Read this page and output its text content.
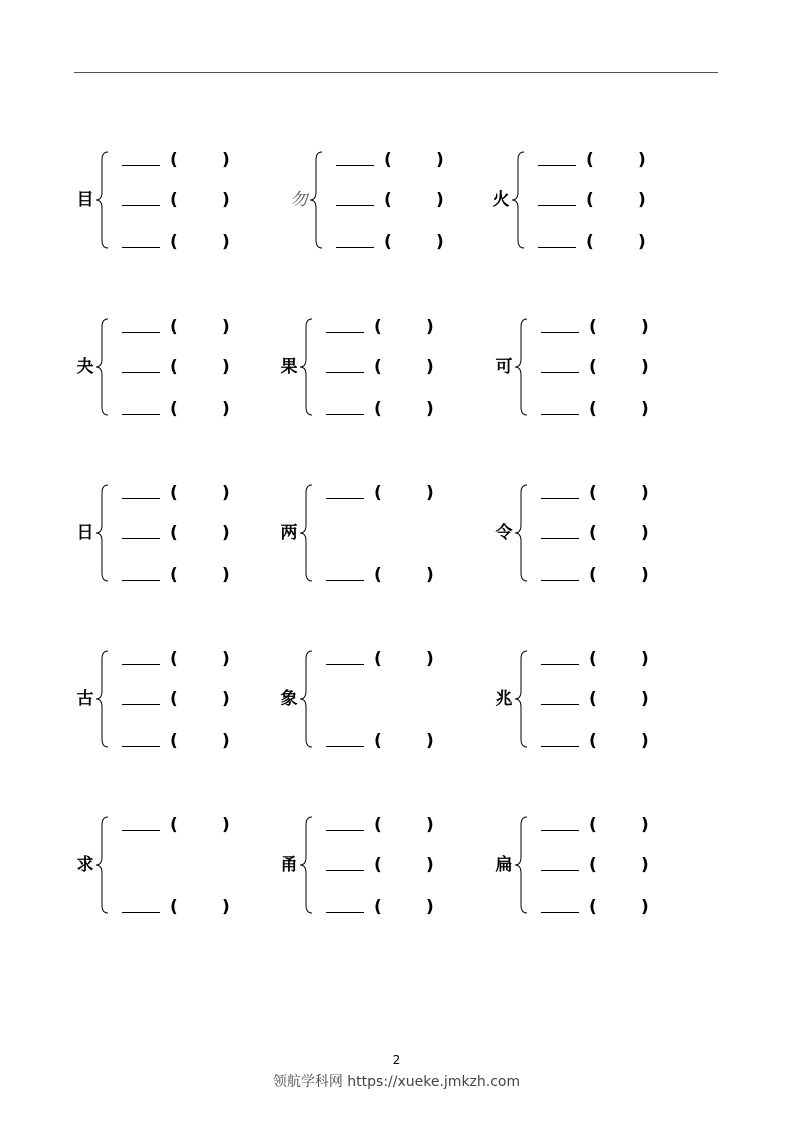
目
(	)
(	)
(	)
勿
(	)
(	)
(	)
火
(	)
(	)
(	)
夬
(	)
(	)
(	)
果
(	)
(	)
(	)
可
(	)
(	)
(	)
日
(	)
(	)
(	)
两
(	)
(	)
令
(	)
(	)
(	)
古
(	)
(	)
(	)
象
(	)
(	)
兆
(	)
(	)
(	)
求
(	)
(	)
甬
(	)
(	)
(	)
扁
(	)
(	)
(	)
2
领航学科网 https://xueke.jmkzh.com
